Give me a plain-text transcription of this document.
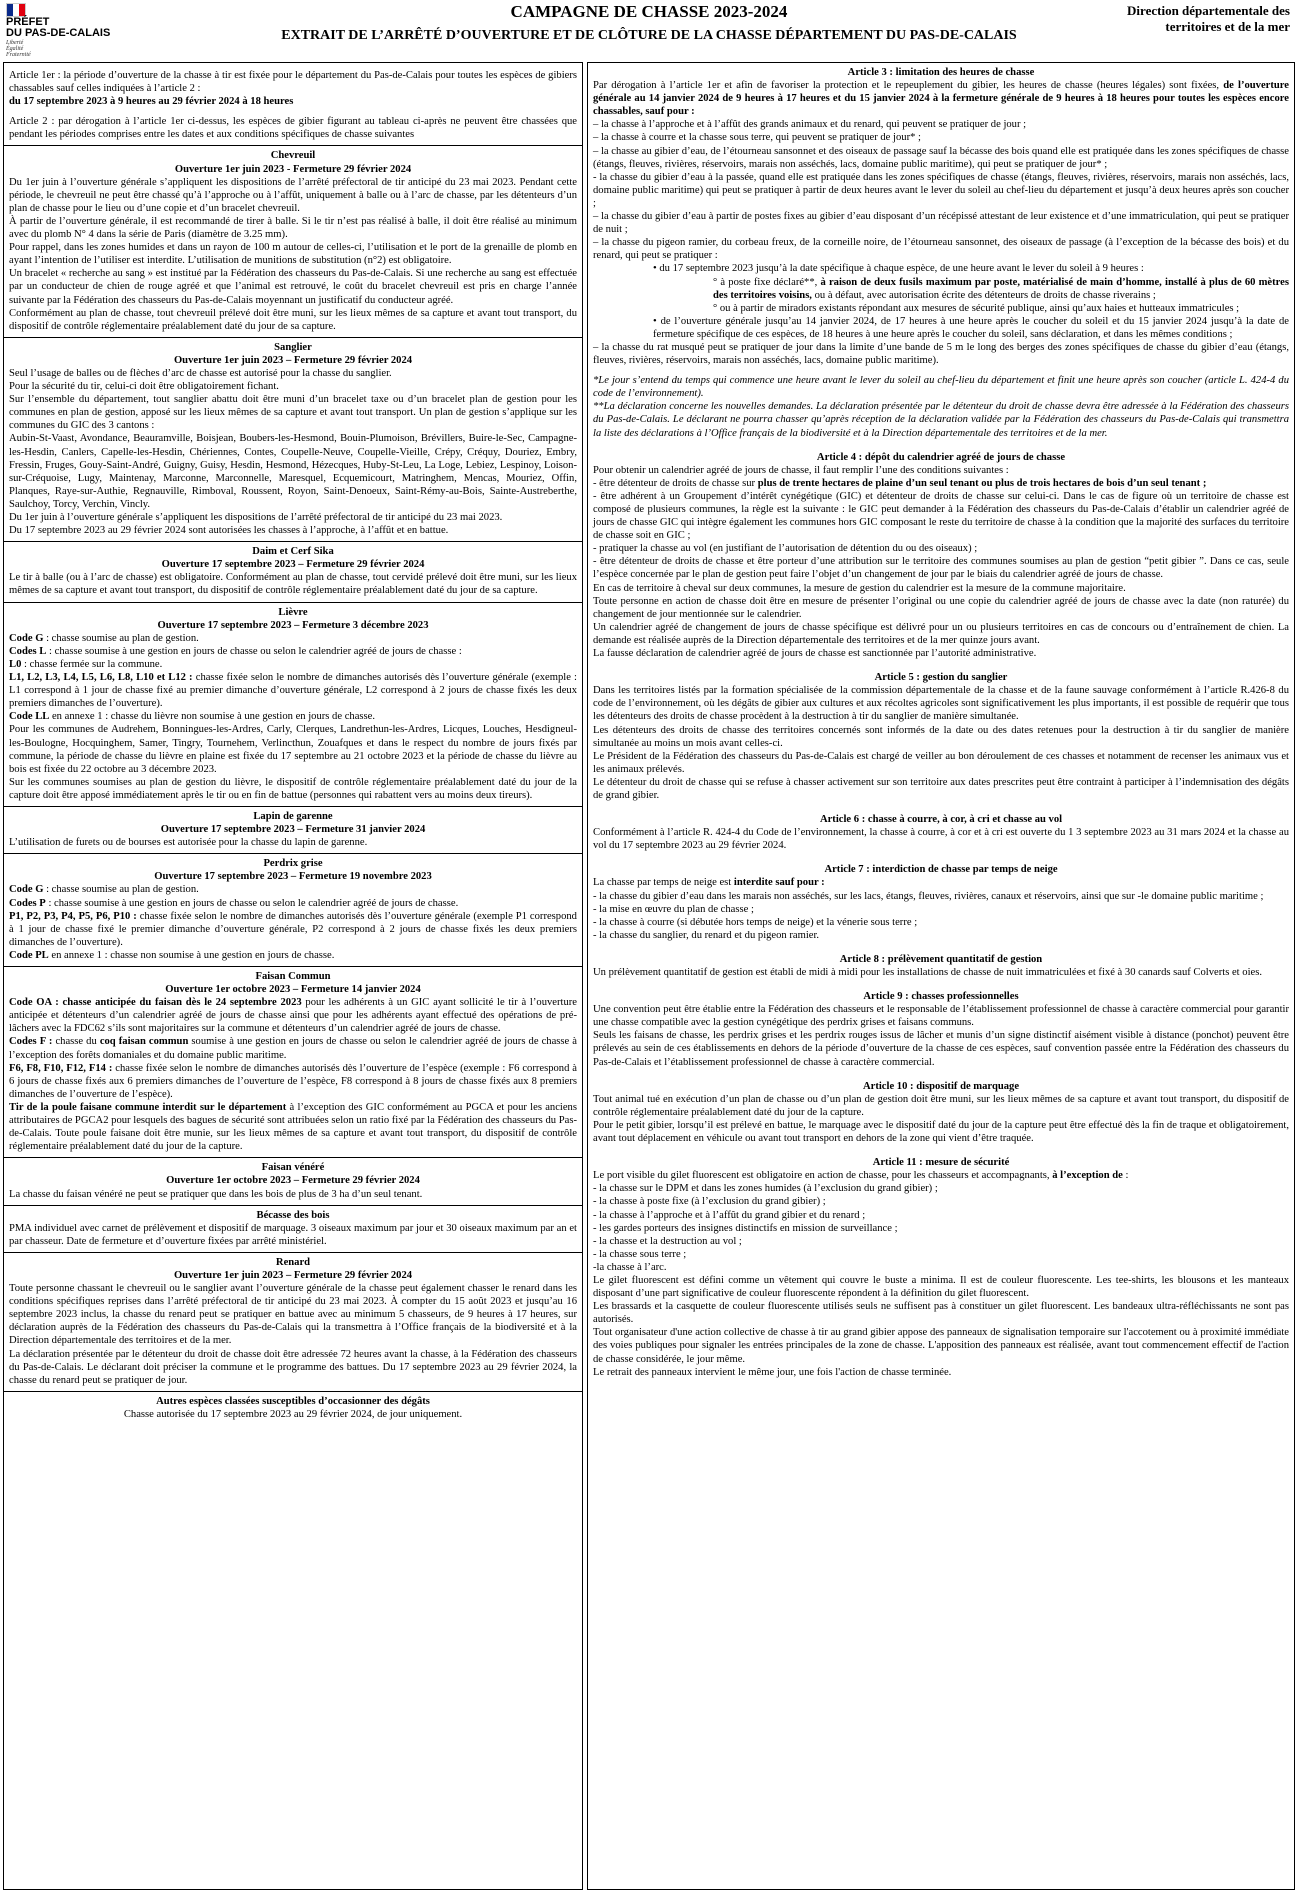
PRÉFET
DU PAS-DE-CALAIS
Liberté
Égalité
Fraternité
CAMPAGNE DE CHASSE 2023-2024
EXTRAIT DE L’ARRÊTÉ D’OUVERTURE ET DE CLÔTURE DE LA CHASSE DÉPARTEMENT DU PAS-DE-CALAIS
Direction départementale des territoires et de la mer

Article 1er : la période d’ouverture de la chasse à tir est fixée pour le département du Pas-de-Calais pour toutes les espèces de gibiers chassables sauf celles indiquées à l’article 2 :

du 17 septembre 2023 à 9 heures au 29 février 2024 à 18 heures

Article 2 : par dérogation à l’article 1er ci-dessus, les espèces de gibier figurant au tableau ci-après ne peuvent être chassées que pendant les périodes comprises entre les dates et aux conditions spécifiques de chasse suivantes

Chevreuil

Ouverture 1er juin 2023 - Fermeture 29 février 2024

Du 1er juin à l’ouverture générale s’appliquent les dispositions de l’arrêté préfectoral de tir anticipé du 23 mai 2023. Pendant cette période, le chevreuil ne peut être chassé qu’à l’approche ou à l’affût, uniquement à balle ou à l’arc de chasse, par les détenteurs d’un plan de chasse pour le lieu ou d’une copie et d’un bracelet chevreuil.

À partir de l’ouverture générale, il est recommandé de tirer à balle. Si le tir n’est pas réalisé à balle, il doit être réalisé au minimum avec du plomb N° 4 dans la série de Paris (diamètre de 3.25 mm).

Pour rappel, dans les zones humides et dans un rayon de 100 m autour de celles-ci, l’utilisation et le port de la grenaille de plomb en ayant l’intention de l’utiliser est interdite. L’utilisation de munitions de substitution (n°2) est obligatoire.

Un bracelet « recherche au sang » est institué par la Fédération des chasseurs du Pas-de-Calais. Si une recherche au sang est effectuée par un conducteur de chien de rouge agréé et que l’animal est retrouvé, le coût du bracelet chevreuil est pris en charge l’année suivante par la Fédération des chasseurs du Pas-de-Calais moyennant un justificatif du conducteur agréé.

Conformément au plan de chasse, tout chevreuil prélevé doit être muni, sur les lieux mêmes de sa capture et avant tout transport, du dispositif de contrôle réglementaire préalablement daté du jour de sa capture.

Sanglier

Ouverture 1er juin 2023 – Fermeture 29 février 2024

Seul l’usage de balles ou de flèches d’arc de chasse est autorisé pour la chasse du sanglier.

Pour la sécurité du tir, celui-ci doit être obligatoirement fichant.

Sur l’ensemble du département, tout sanglier abattu doit être muni d’un bracelet taxe ou d’un bracelet plan de gestion pour les communes en plan de gestion, apposé sur les lieux mêmes de sa capture et avant tout transport. Un plan de gestion s’applique sur les communes du GIC des 3 cantons :

Aubin-St-Vaast, Avondance, Beauramville, Boisjean, Boubers-les-Hesmond, Bouin-Plumoison, Brévillers, Buire-le-Sec, Campagne-les-Hesdin, Canlers, Capelle-les-Hesdin, Chériennes, Contes, Coupelle-Neuve, Coupelle-Vieille, Crépy, Créquy, Douriez, Embry, Fressin, Fruges, Gouy-Saint-André, Guigny, Guisy, Hesdin, Hesmond, Hézecques, Huby-St-Leu, La Loge, Lebiez, Lespinoy, Loison-sur-Créquoise, Lugy, Maintenay, Marconne, Marconnelle, Maresquel, Ecquemicourt, Matringhem, Mencas, Mouriez, Offin, Planques, Raye-sur-Authie, Regnauville, Rimboval, Roussent, Royon, Saint-Denoeux, Saint-Rémy-au-Bois, Sainte-Austreberthe, Saulchoy, Torcy, Verchin, Vincly.

Du 1er juin à l’ouverture générale s’appliquent les dispositions de l’arrêté préfectoral de tir anticipé du 23 mai 2023.

Du 17 septembre 2023 au 29 février 2024 sont autorisées les chasses à l’approche, à l’affût et en battue.

Daim et Cerf Sika

Ouverture 17 septembre 2023 – Fermeture 29 février 2024

Le tir à balle (ou à l’arc de chasse) est obligatoire. Conformément au plan de chasse, tout cervidé prélevé doit être muni, sur les lieux mêmes de sa capture et avant tout transport, du dispositif de contrôle réglementaire préalablement daté du jour de sa capture.

Lièvre

Ouverture 17 septembre 2023 – Fermeture 3 décembre 2023

Code G : chasse soumise au plan de gestion.

Codes L : chasse soumise à une gestion en jours de chasse ou selon le calendrier agréé de jours de chasse :

L0 : chasse fermée sur la commune.

L1, L2, L3, L4, L5, L6, L8, L10 et L12 : chasse fixée selon le nombre de dimanches autorisés dès l’ouverture générale (exemple : L1 correspond à 1 jour de chasse fixé au premier dimanche d’ouverture générale, L2 correspond à 2 jours de chasse fixés les deux premiers dimanches de l’ouverture).

Code LL en annexe 1 : chasse du lièvre non soumise à une gestion en jours de chasse.

Pour les communes de Audrehem, Bonningues-les-Ardres, Carly, Clerques, Landrethun-les-Ardres, Licques, Louches, Hesdigneul-les-Boulogne, Hocquinghem, Samer, Tingry, Tournehem, Verlincthun, Zouafques et dans le respect du nombre de jours fixés par commune, la période de chasse du lièvre en plaine est fixée du 17 septembre au 21 octobre 2023 et la période de chasse du lièvre au bois est fixée du 22 octobre au 3 décembre 2023.

Sur les communes soumises au plan de gestion du lièvre, le dispositif de contrôle réglementaire préalablement daté du jour de la capture doit être apposé immédiatement après le tir ou en fin de battue (personnes qui rabattent vers au moins deux tireurs).

Lapin de garenne

Ouverture 17 septembre 2023 – Fermeture 31 janvier 2024

L’utilisation de furets ou de bourses est autorisée pour la chasse du lapin de garenne.

Perdrix grise

Ouverture 17 septembre 2023 – Fermeture 19 novembre 2023

Code G : chasse soumise au plan de gestion.

Codes P : chasse soumise à une gestion en jours de chasse ou selon le calendrier agréé de jours de chasse.

P1, P2, P3, P4, P5, P6, P10 : chasse fixée selon le nombre de dimanches autorisés dès l’ouverture générale (exemple P1 correspond à 1 jour de chasse fixé le premier dimanche d’ouverture générale, P2 correspond à 2 jours de chasse fixés les deux premiers dimanches de l’ouverture).

Code PL en annexe 1 : chasse non soumise à une gestion en jours de chasse.

Faisan Commun

Ouverture 1er octobre 2023 – Fermeture 14 janvier 2024

Code OA : chasse anticipée du faisan dès le 24 septembre 2023 pour les adhérents à un GIC ayant sollicité le tir à l’ouverture anticipée et détenteurs d’un calendrier agréé de jours de chasse ainsi que pour les adhérents ayant effectué des opérations de pré-lâchers avec la FDC62 s’ils sont majoritaires sur la commune et détenteurs d’un calendrier agréé de jours de chasse.

Codes F : chasse du coq faisan commun soumise à une gestion en jours de chasse ou selon le calendrier agréé de jours de chasse à l’exception des forêts domaniales et du domaine public maritime.

F6, F8, F10, F12, F14 : chasse fixée selon le nombre de dimanches autorisés dès l’ouverture de l’espèce (exemple : F6 correspond à 6 jours de chasse fixés aux 6 premiers dimanches de l’ouverture de l’espèce, F8 correspond à 8 jours de chasse fixés aux 8 premiers dimanches de l’ouverture de l’espèce).

Tir de la poule faisane commune interdit sur le département à l’exception des GIC conformément au PGCA et pour les anciens attributaires de PGCA2 pour lesquels des bagues de sécurité sont attribuées selon un ratio fixé par la Fédération des chasseurs du Pas-de-Calais. Toute poule faisane doit être munie, sur les lieux mêmes de sa capture et avant tout transport, du dispositif de contrôle réglementaire préalablement daté du jour de la capture.

Faisan vénéré

Ouverture 1er octobre 2023 – Fermeture 29 février 2024

La chasse du faisan vénéré ne peut se pratiquer que dans les bois de plus de 3 ha d’un seul tenant.

Bécasse des bois

PMA individuel avec carnet de prélèvement et dispositif de marquage. 3 oiseaux maximum par jour et 30 oiseaux maximum par an et par chasseur. Date de fermeture et d’ouverture fixées par arrêté ministériel.

Renard

Ouverture 1er juin 2023 – Fermeture 29 février 2024

Toute personne chassant le chevreuil ou le sanglier avant l’ouverture générale de la chasse peut également chasser le renard dans les conditions spécifiques reprises dans l’arrêté préfectoral de tir anticipé du 23 mai 2023. À compter du 15 août 2023 et jusqu’au 16 septembre 2023 inclus, la chasse du renard peut se pratiquer en battue avec au minimum 5 chasseurs, de 9 heures à 17 heures, sur déclaration auprès de la Fédération des chasseurs du Pas-de-Calais qui la transmettra à l’Office français de la biodiversité et à la Direction départementale des territoires et de la mer.

La déclaration présentée par le détenteur du droit de chasse doit être adressée 72 heures avant la chasse, à la Fédération des chasseurs du Pas-de-Calais. Le déclarant doit préciser la commune et le programme des battues. Du 17 septembre 2023 au 29 février 2024, la chasse du renard peut se pratiquer de jour.

Autres espèces classées susceptibles d’occasionner des dégâts

Chasse autorisée du 17 septembre 2023 au 29 février 2024, de jour uniquement.

Article 3 : limitation des heures de chasse

Par dérogation à l’article 1er et afin de favoriser la protection et le repeuplement du gibier, les heures de chasse (heures légales) sont fixées, de l’ouverture générale au 14 janvier 2024 de 9 heures à 17 heures et du 15 janvier 2024 à la fermeture générale de 9 heures à 18 heures pour toutes les espèces encore chassables, sauf pour :

– la chasse à l’approche et à l’affût des grands animaux et du renard, qui peuvent se pratiquer de jour ;

– la chasse à courre et la chasse sous terre, qui peuvent se pratiquer de jour* ;

– la chasse au gibier d’eau, de l’étourneau sansonnet et des oiseaux de passage sauf la bécasse des bois quand elle est pratiquée dans les zones spécifiques de chasse (étangs, fleuves, rivières, réservoirs, marais non asséchés, lacs, domaine public maritime), qui peut se pratiquer de jour* ;

- la chasse du gibier d’eau à la passée, quand elle est pratiquée dans les zones spécifiques de chasse (étangs, fleuves, rivières, réservoirs, marais non asséchés, lacs, domaine public maritime) qui peut se pratiquer à partir de deux heures avant le lever du soleil au chef-lieu du département et jusqu’à deux heures après son coucher ;

– la chasse du gibier d’eau à partir de postes fixes au gibier d’eau disposant d’un récépissé attestant de leur existence et d’une immatriculation, qui peut se pratiquer de nuit ;

– la chasse du pigeon ramier, du corbeau freux, de la corneille noire, de l’étourneau sansonnet, des oiseaux de passage (à l’exception de la bécasse des bois) et du renard, qui peut se pratiquer :

• du 17 septembre 2023 jusqu’à la date spécifique à chaque espèce, de une heure avant le lever du soleil à 9 heures :

° à poste fixe déclaré**, à raison de deux fusils maximum par poste, matérialisé de main d’homme, installé à plus de 60 mètres des territoires voisins, ou à défaut, avec autorisation écrite des détenteurs de droits de chasse riverains ;

° ou à partir de miradors existants répondant aux mesures de sécurité publique, ainsi qu’aux haies et hutteaux immatricules ;

• de l’ouverture générale jusqu’au 14 janvier 2024, de 17 heures à une heure après le coucher du soleil et du 15 janvier 2024 jusqu’à la date de fermeture spécifique de ces espèces, de 18 heures à une heure après le coucher du soleil, sans déclaration, et dans les mêmes conditions ;

– la chasse du rat musqué peut se pratiquer de jour dans la limite d’une bande de 5 m le long des berges des zones spécifiques de chasse du gibier d’eau (étangs, fleuves, rivières, réservoirs, marais non asséchés, lacs, domaine public maritime).

*Le jour s’entend du temps qui commence une heure avant le lever du soleil au chef-lieu du département et finit une heure après son coucher (article L. 424-4 du code de l’environnement).

**La déclaration concerne les nouvelles demandes. La déclaration présentée par le détenteur du droit de chasse devra être adressée à la Fédération des chasseurs du Pas-de-Calais. Le déclarant ne pourra chasser qu’après réception de la déclaration validée par la Fédération des chasseurs du Pas-de-Calais qui transmettra la liste des déclarations à l’Office français de la biodiversité et à la Direction départementale des territoires et de la mer.

Article 4 : dépôt du calendrier agréé de jours de chasse

Pour obtenir un calendrier agréé de jours de chasse, il faut remplir l’une des conditions suivantes :

- être détenteur de droits de chasse sur plus de trente hectares de plaine d’un seul tenant ou plus de trois hectares de bois d’un seul tenant ;

- être adhérent à un Groupement d’intérêt cynégétique (GIC) et détenteur de droits de chasse sur celui-ci. Dans le cas de figure où un territoire de chasse est composé de plusieurs communes, la règle est la suivante : le GIC peut demander à la Fédération des chasseurs du Pas-de-Calais d’établir un calendrier agréé de jours de chasse GIC qui intègre également les communes hors GIC composant le reste du territoire de chasse à la condition que la majorité des surfaces du territoire de chasse soit en GIC ;

- pratiquer la chasse au vol (en justifiant de l’autorisation de détention du ou des oiseaux) ;

- être détenteur de droits de chasse et être porteur d’une attribution sur le territoire des communes soumises au plan de gestion “petit gibier ”. Dans ce cas, seule l’espèce concernée par le plan de gestion peut faire l’objet d’un changement de jour par le biais du calendrier agréé de jours de chasse.

En cas de territoire à cheval sur deux communes, la mesure de gestion du calendrier est la mesure de la commune majoritaire.

Toute personne en action de chasse doit être en mesure de présenter l’original ou une copie du calendrier agréé de jours de chasse avec la date (non raturée) du changement de jour mentionnée sur le calendrier.

Un calendrier agréé de changement de jours de chasse spécifique est délivré pour un ou plusieurs territoires en cas de concours ou d’entraînement de chien. La demande est réalisée auprès de la Direction départementale des territoires et de la mer quinze jours avant.

La fausse déclaration de calendrier agréé de jours de chasse est sanctionnée par l’autorité administrative.

Article 5 : gestion du sanglier

Dans les territoires listés par la formation spécialisée de la commission départementale de la chasse et de la faune sauvage conformément à l’article R.426-8 du code de l’environnement, où les dégâts de gibier aux cultures et aux récoltes agricoles sont significativement les plus importants, il est possible de requérir que tous les détenteurs des droits de chasse procèdent à la destruction à tir du sanglier de manière simultanée.

Les détenteurs des droits de chasse des territoires concernés sont informés de la date ou des dates retenues pour la destruction à tir du sanglier de manière simultanée au moins un mois avant celles-ci.

Le Président de la Fédération des chasseurs du Pas-de-Calais est chargé de veiller au bon déroulement de ces chasses et notamment de recenser les animaux vus et les animaux prélevés.

Le détenteur du droit de chasse qui se refuse à chasser activement sur son territoire aux dates prescrites peut être contraint à participer à l’indemnisation des dégâts de grand gibier.

Article 6 : chasse à courre, à cor, à cri et chasse au vol

Conformément à l’article R. 424-4 du Code de l’environnement, la chasse à courre, à cor et à cri est ouverte du 1 3 septembre 2023 au 31 mars 2024 et la chasse au vol du 17 septembre 2023 au 29 février 2024.

Article 7 : interdiction de chasse par temps de neige

La chasse par temps de neige est interdite sauf pour :

- la chasse du gibier d’eau dans les marais non asséchés, sur les lacs, étangs, fleuves, rivières, canaux et réservoirs, ainsi que sur -le domaine public maritime ;

- la mise en œuvre du plan de chasse ;

- la chasse à courre (si débutée hors temps de neige) et la vénerie sous terre ;

- la chasse du sanglier, du renard et du pigeon ramier.

Article 8 : prélèvement quantitatif de gestion

Un prélèvement quantitatif de gestion est établi de midi à midi pour les installations de chasse de nuit immatriculées et fixé à 30 canards sauf Colverts et oies.

Article 9 : chasses professionnelles

Une convention peut être établie entre la Fédération des chasseurs et le responsable de l’établissement professionnel de chasse à caractère commercial pour garantir une chasse compatible avec la gestion cynégétique des perdrix grises et faisans communs.

Seuls les faisans de chasse, les perdrix grises et les perdrix rouges issus de lâcher et munis d’un signe distinctif aisément visible à distance (ponchot) peuvent être prélevés au sein de ces établissements en dehors de la période d’ouverture de la chasse de ces espèces, sauf convention passée entre la Fédération des chasseurs du Pas-de-Calais et l’établissement professionnel de chasse à caractère commercial.

Article 10 : dispositif de marquage

Tout animal tué en exécution d’un plan de chasse ou d’un plan de gestion doit être muni, sur les lieux mêmes de sa capture et avant tout transport, du dispositif de contrôle réglementaire préalablement daté du jour de la capture.

Pour le petit gibier, lorsqu’il est prélevé en battue, le marquage avec le dispositif daté du jour de la capture peut être effectué dès la fin de traque et obligatoirement, avant tout déplacement en véhicule ou avant tout transport en dehors de la zone qui vient d’être traquée.

Article 11 : mesure de sécurité

Le port visible du gilet fluorescent est obligatoire en action de chasse, pour les chasseurs et accompagnants, à l’exception de :

- la chasse sur le DPM et dans les zones humides (à l’exclusion du grand gibier) ;

- la chasse à poste fixe (à l’exclusion du grand gibier) ;

- la chasse à l’approche et à l’affût du grand gibier et du renard ;

- les gardes porteurs des insignes distinctifs en mission de surveillance ;

- la chasse et la destruction au vol ;

- la chasse sous terre ;

-la chasse à l’arc.

Le gilet fluorescent est défini comme un vêtement qui couvre le buste a minima. Il est de couleur fluorescente. Les tee-shirts, les blousons et les manteaux disposant d’une part significative de couleur fluorescente répondent à la définition du gilet fluorescent.

Les brassards et la casquette de couleur fluorescente utilisés seuls ne suffisent pas à constituer un gilet fluorescent. Les bandeaux ultra-réfléchissants ne sont pas autorisés.

Tout organisateur d'une action collective de chasse à tir au grand gibier appose des panneaux de signalisation temporaire sur l'accotement ou à proximité immédiate des voies publiques pour signaler les entrées principales de la zone de chasse. L'apposition des panneaux est réalisée, avant tout commencement effectif de l'action de chasse considérée, le jour même.

Le retrait des panneaux intervient le même jour, une fois l'action de chasse terminée.
